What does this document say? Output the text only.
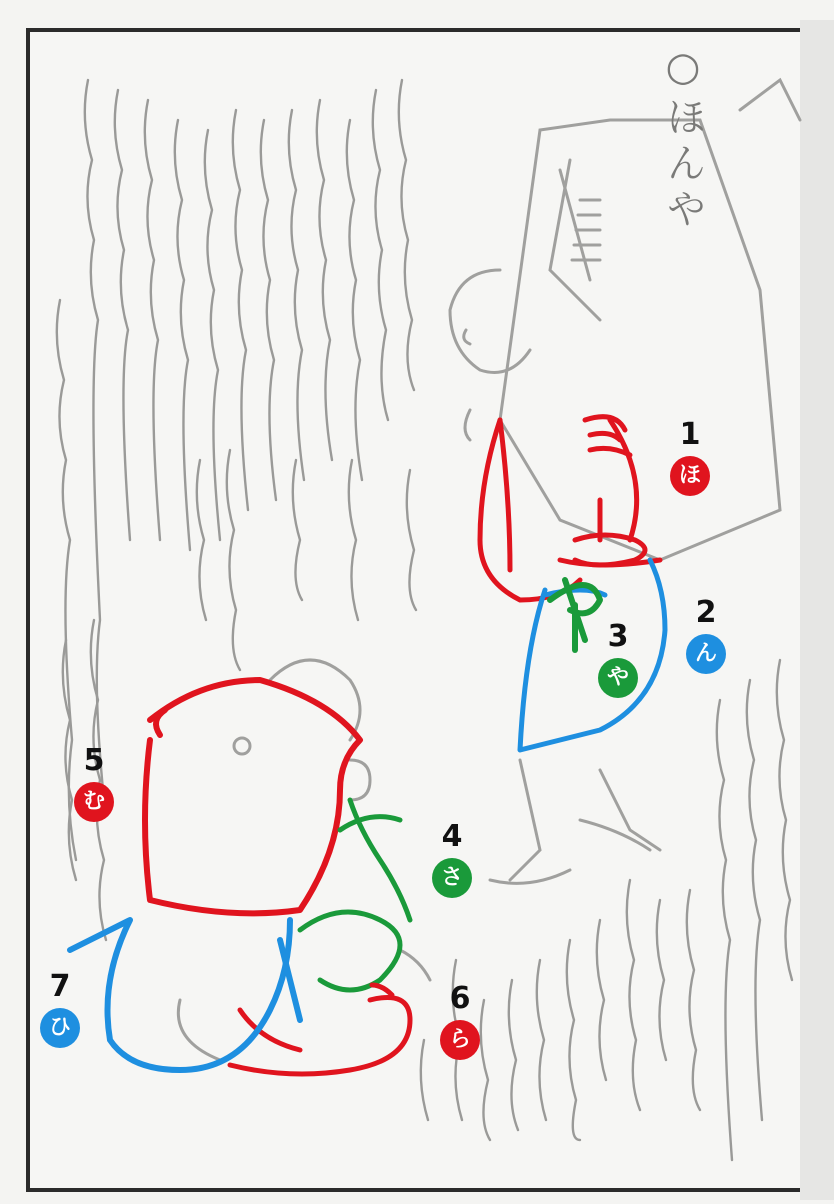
○ほんや
1
ほ
2
ん
3
や
4
さ
5
む
6
ら
7
ひ
